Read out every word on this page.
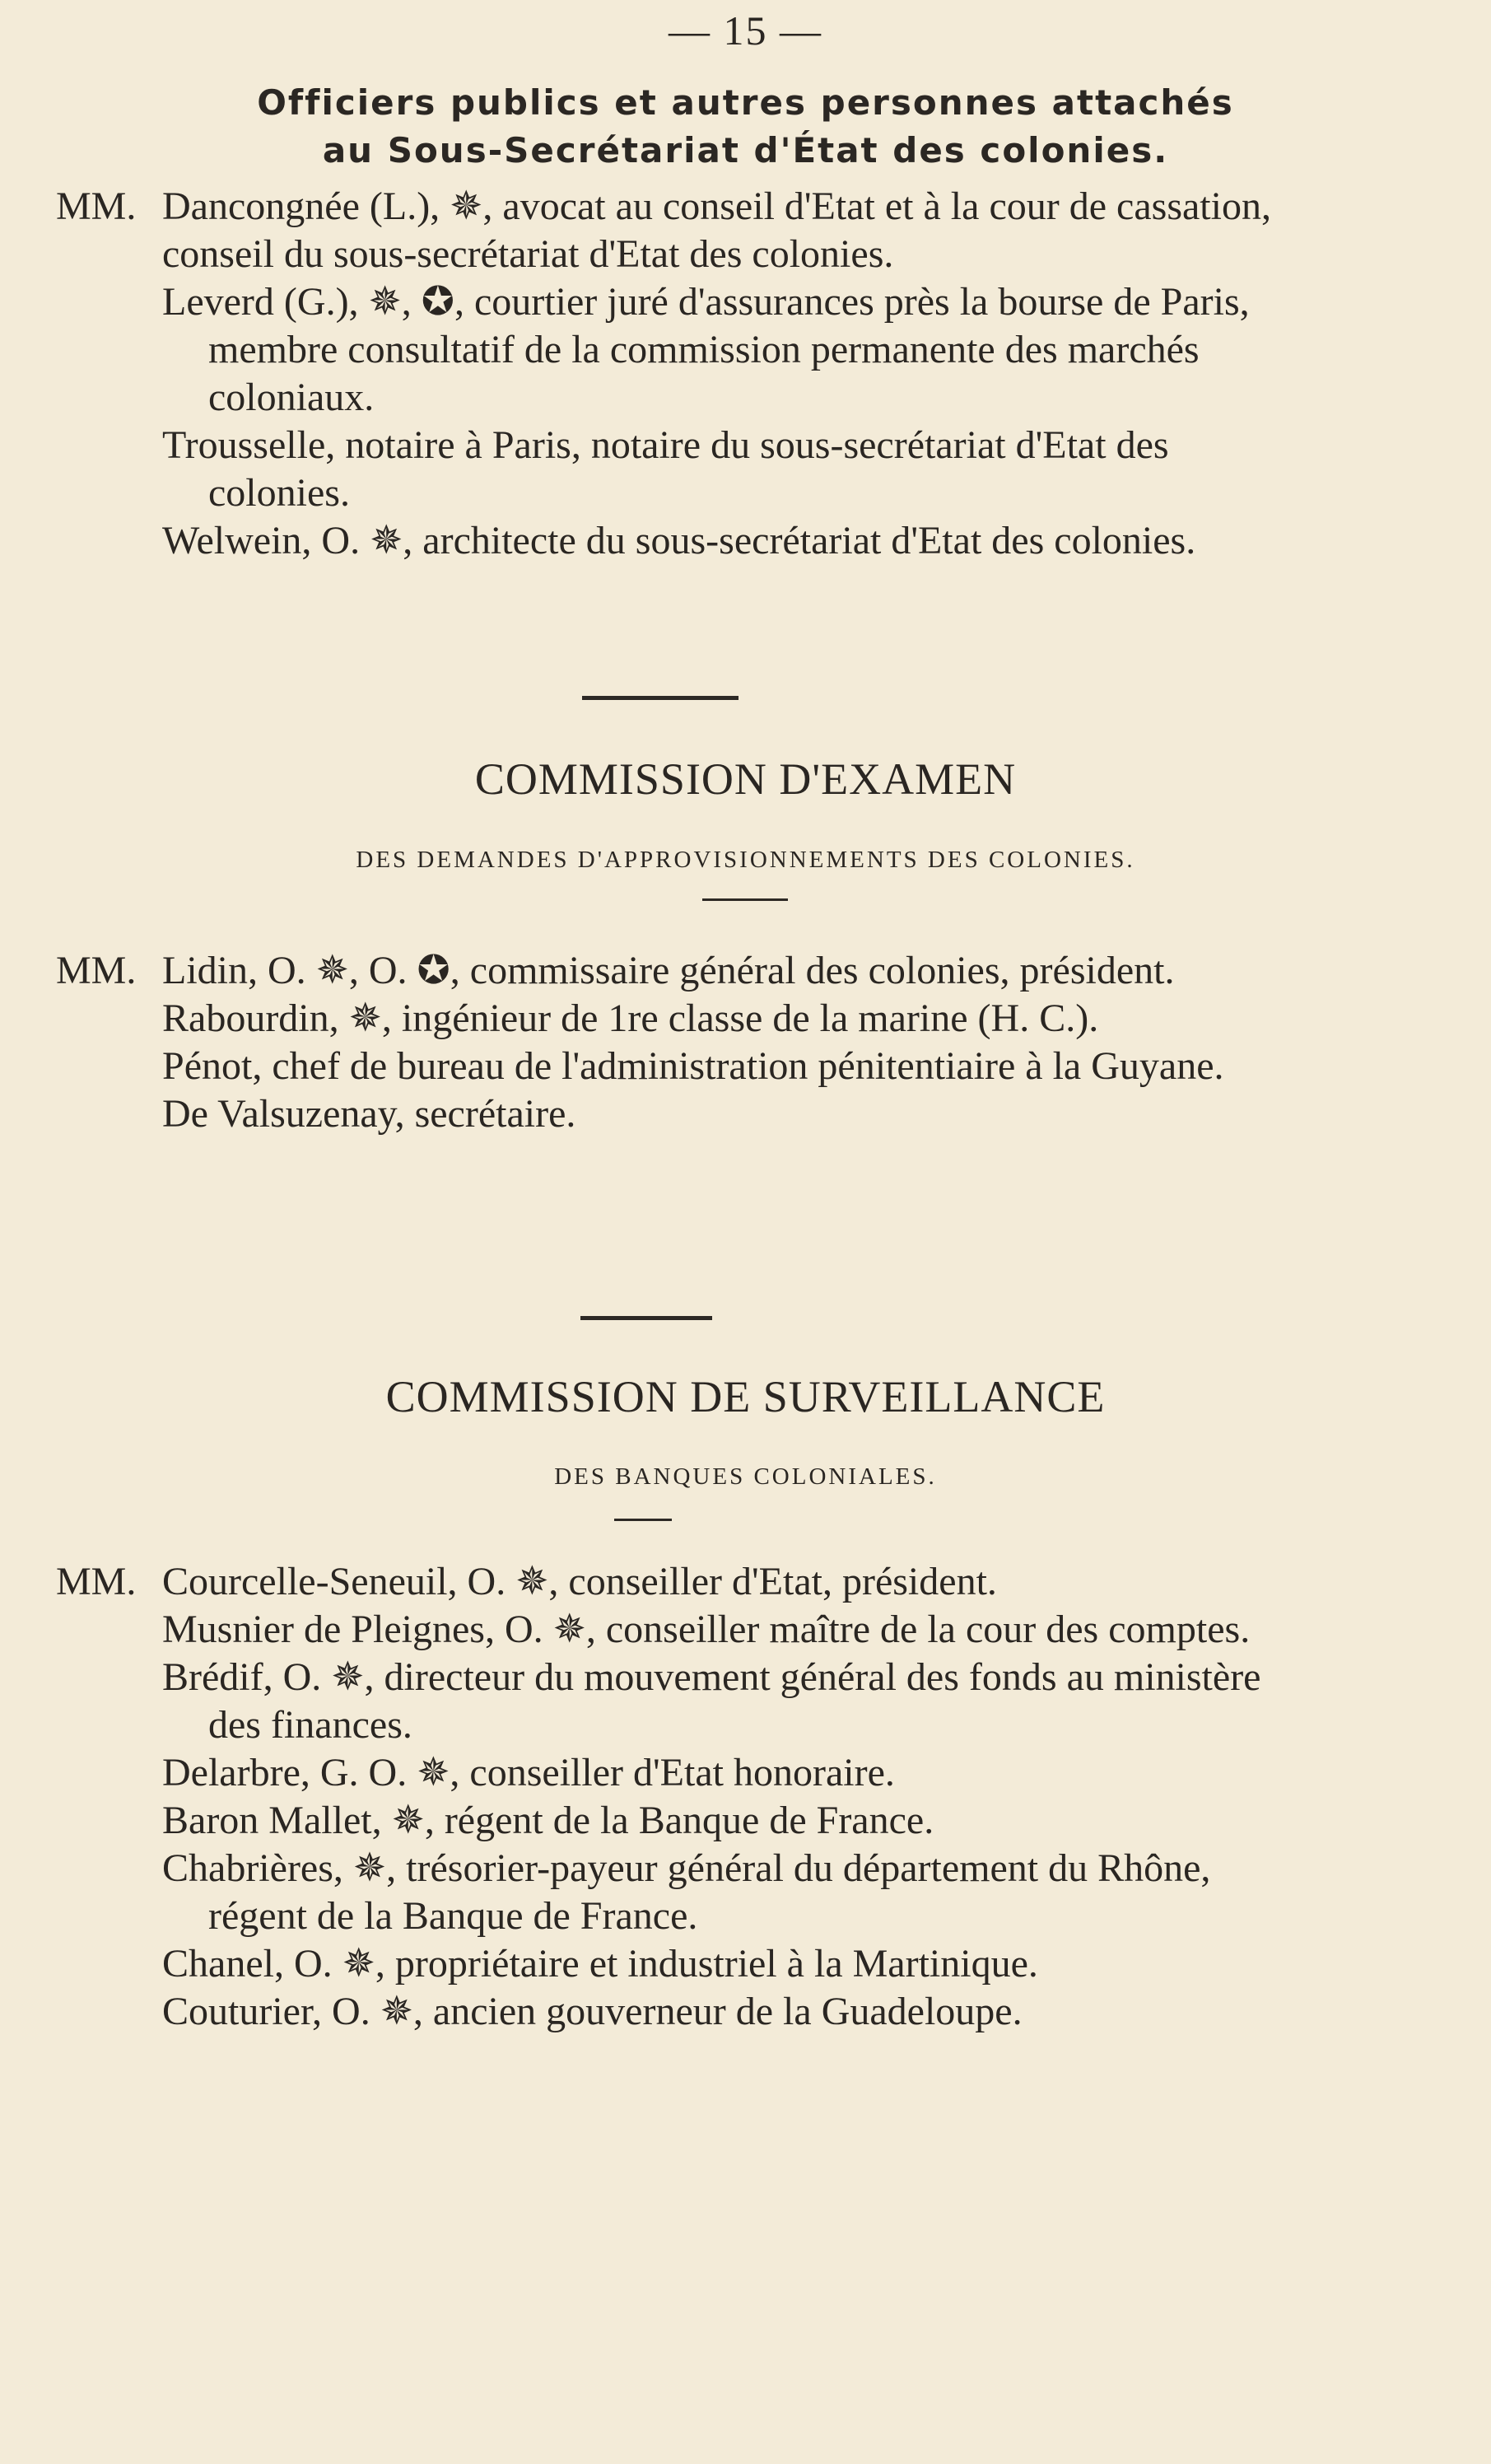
— 15 —
Officiers publics et autres personnes attachés
au Sous-Secrétariat d'État des colonies.
MM. Dancongnée (L.), ✵, avocat au conseil d'Etat et à la cour de cassation, conseil du sous-secrétariat d'Etat des colonies.
Leverd (G.), ✵, ✪, courtier juré d'assurances près la bourse de Paris, membre consultatif de la commission permanente des marchés coloniaux.
Trousselle, notaire à Paris, notaire du sous-secrétariat d'Etat des colonies.
Welwein, O. ✵, architecte du sous-secrétariat d'Etat des colonies.
COMMISSION D'EXAMEN
DES DEMANDES D'APPROVISIONNEMENTS DES COLONIES.
MM. Lidin, O. ✵, O. ✪, commissaire général des colonies, président.
Rabourdin, ✵, ingénieur de 1re classe de la marine (H. C.).
Pénot, chef de bureau de l'administration pénitentiaire à la Guyane.
De Valsuzenay, secrétaire.
COMMISSION DE SURVEILLANCE
DES BANQUES COLONIALES.
MM. Courcelle-Seneuil, O. ✵, conseiller d'Etat, président.
Musnier de Pleignes, O. ✵, conseiller maître de la cour des comptes.
Brédif, O. ✵, directeur du mouvement général des fonds au ministère des finances.
Delarbre, G. O. ✵, conseiller d'Etat honoraire.
Baron Mallet, ✵, régent de la Banque de France.
Chabrières, ✵, trésorier-payeur général du département du Rhône, régent de la Banque de France.
Chanel, O. ✵, propriétaire et industriel à la Martinique.
Couturier, O. ✵, ancien gouverneur de la Guadeloupe.
